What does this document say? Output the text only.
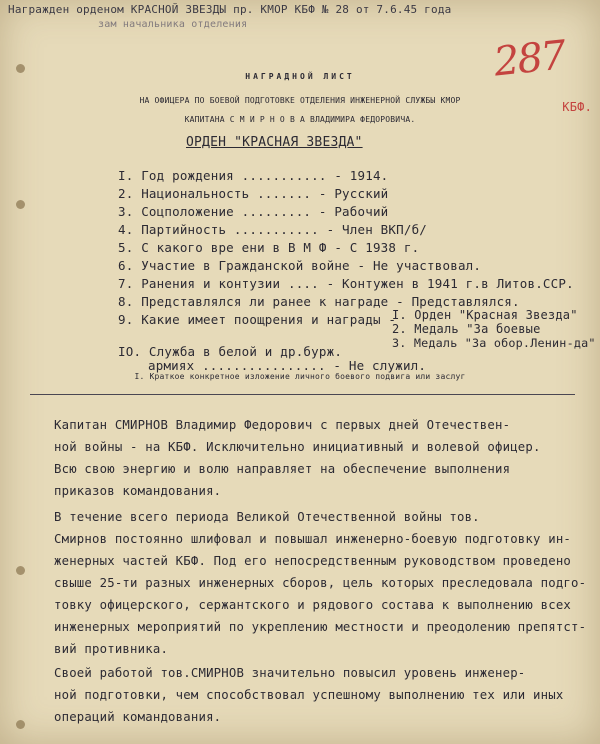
Награжден орденом КРАСНОЙ ЗВЕЗДЫ пр. КМОР КБФ № 28 от 7.6.45 года
зам начальника отделения
287
КБФ.
НАГРАДНОЙ ЛИСТ
НА ОФИЦЕРА ПО БОЕВОЙ ПОДГОТОВКЕ ОТДЕЛЕНИЯ ИНЖЕНЕРНОЙ СЛУЖБЫ КМОР
КАПИТАНА С М И Р Н О В А ВЛАДИМИРА ФЕДОРОВИЧА.
ОРДЕН "КРАСНАЯ ЗВЕЗДА"
I. Год рождения ........... - 1914.
2. Национальность ....... - Русский
3. Соцположение ......... - Рабочий
4. Партийность ........... - Член ВКП/б/
5. С какого вре ени в В М Ф - С 1938 г.
6. Участие в Гражданской войне - Не участвовал.
7. Ранения и контузии .... - Контужен в 1941 г.в Литов.ССР.
8. Представлялся ли ранее к награде - Представлялся.
9. Какие имеет поощрения и награды -
I. Орден "Красная Звезда"
2. Медаль "За боевые
3. Медаль "За обор.Ленин-да"
IO. Служба в белой и др.бурж.
армиях ................ - Не служил.
I. Краткое конкретное изложение личного боевого подвига или заслуг
Капитан СМИРНОВ Владимир Федорович с первых дней Отечествен-
ной войны - на КБФ. Исключительно инициативный и волевой офицер.
Всю свою энергию и волю направляет на обеспечение выполнения
приказов командования.
В течение всего периода Великой Отечественной войны тов.
Смирнов постоянно шлифовал и повышал инженерно-боевую подготовку ин-
женерных частей КБФ. Под его непосредственным руководством проведено
свыше 25-ти разных инженерных сборов, цель которых преследовала подго-
товку офицерского, сержантского и рядового состава к выполнению всех
инженерных мероприятий по укреплению местности и преодолению препятст-
вий противника.
Своей работой тов.СМИРНОВ значительно повысил уровень инженер-
ной подготовки, чем способствовал успешному выполнению тех или иных
операций командования.
